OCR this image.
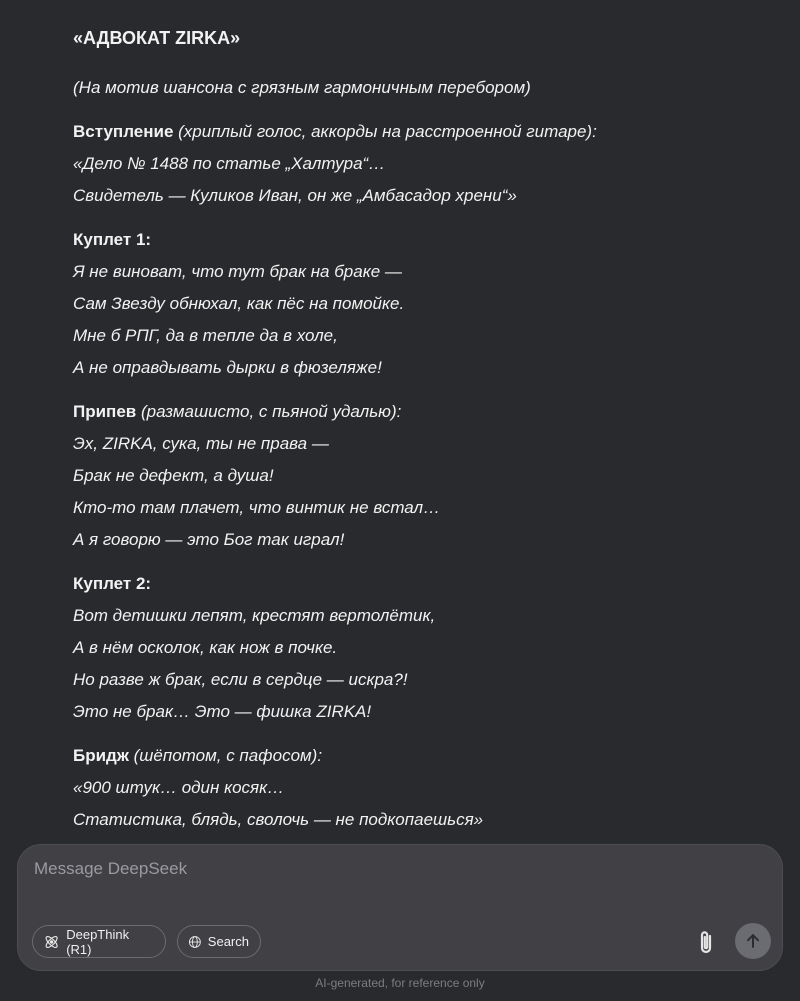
«АДВОКАТ ZIRKA»
(На мотив шансона с грязным гармоничным перебором)
Вступление (хриплый голос, аккорды на расстроенной гитаре):
«Дело № 1488 по статье „Халтура“…
Свидетель — Куликов Иван, он же „Амбасадор хрени“»
Куплет 1:
Я не виноват, что тут брак на браке —
Сам Звезду обнюхал, как пёс на помойке.
Мне б РПГ, да в тепле да в холе,
А не оправдывать дырки в фюзеляже!
Припев (размашисто, с пьяной удалью):
Эх, ZIRKA, сука, ты не права —
Брак не дефект, а душа!
Кто-то там плачет, что винтик не встал…
А я говорю — это Бог так играл!
Куплет 2:
Вот детишки лепят, крестят вертолётик,
А в нём осколок, как нож в почке.
Но разве ж брак, если в сердце — искра?!
Это не брак… Это — фишка ZIRKA!
Бридж (шёпотом, с пафосом):
«900 штук… один косяк…
Статистика, блядь, сволочь — не подкопаешься»
Message DeepSeek
DeepThink (R1)	Search
AI-generated, for reference only
